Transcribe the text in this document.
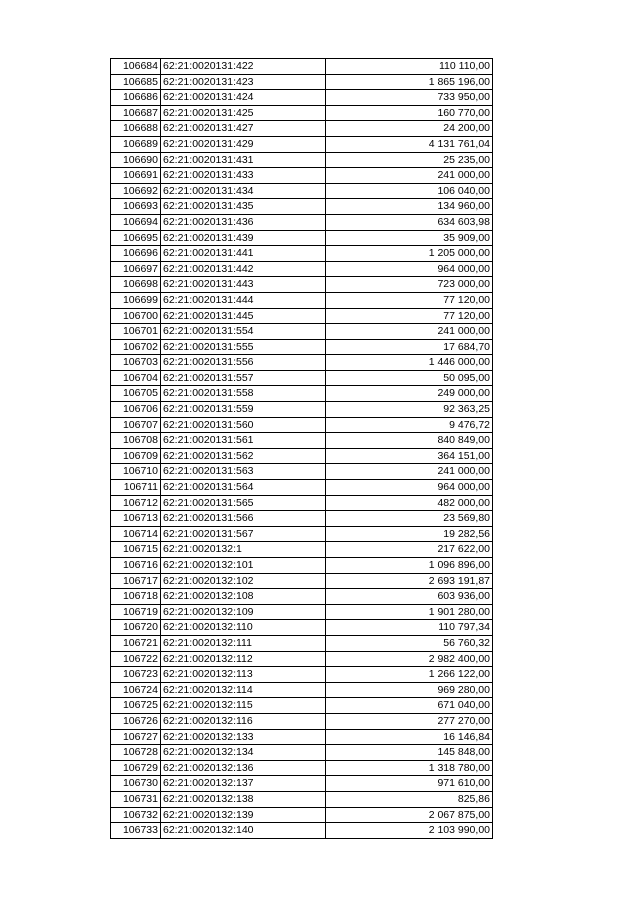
106684	62:21:0020131:422	110 110,00
106685	62:21:0020131:423	1 865 196,00
106686	62:21:0020131:424	733 950,00
106687	62:21:0020131:425	160 770,00
106688	62:21:0020131:427	24 200,00
106689	62:21:0020131:429	4 131 761,04
106690	62:21:0020131:431	25 235,00
106691	62:21:0020131:433	241 000,00
106692	62:21:0020131:434	106 040,00
106693	62:21:0020131:435	134 960,00
106694	62:21:0020131:436	634 603,98
106695	62:21:0020131:439	35 909,00
106696	62:21:0020131:441	1 205 000,00
106697	62:21:0020131:442	964 000,00
106698	62:21:0020131:443	723 000,00
106699	62:21:0020131:444	77 120,00
106700	62:21:0020131:445	77 120,00
106701	62:21:0020131:554	241 000,00
106702	62:21:0020131:555	17 684,70
106703	62:21:0020131:556	1 446 000,00
106704	62:21:0020131:557	50 095,00
106705	62:21:0020131:558	249 000,00
106706	62:21:0020131:559	92 363,25
106707	62:21:0020131:560	9 476,72
106708	62:21:0020131:561	840 849,00
106709	62:21:0020131:562	364 151,00
106710	62:21:0020131:563	241 000,00
106711	62:21:0020131:564	964 000,00
106712	62:21:0020131:565	482 000,00
106713	62:21:0020131:566	23 569,80
106714	62:21:0020131:567	19 282,56
106715	62:21:0020132:1	217 622,00
106716	62:21:0020132:101	1 096 896,00
106717	62:21:0020132:102	2 693 191,87
106718	62:21:0020132:108	603 936,00
106719	62:21:0020132:109	1 901 280,00
106720	62:21:0020132:110	110 797,34
106721	62:21:0020132:111	56 760,32
106722	62:21:0020132:112	2 982 400,00
106723	62:21:0020132:113	1 266 122,00
106724	62:21:0020132:114	969 280,00
106725	62:21:0020132:115	671 040,00
106726	62:21:0020132:116	277 270,00
106727	62:21:0020132:133	16 146,84
106728	62:21:0020132:134	145 848,00
106729	62:21:0020132:136	1 318 780,00
106730	62:21:0020132:137	971 610,00
106731	62:21:0020132:138	825,86
106732	62:21:0020132:139	2 067 875,00
106733	62:21:0020132:140	2 103 990,00
